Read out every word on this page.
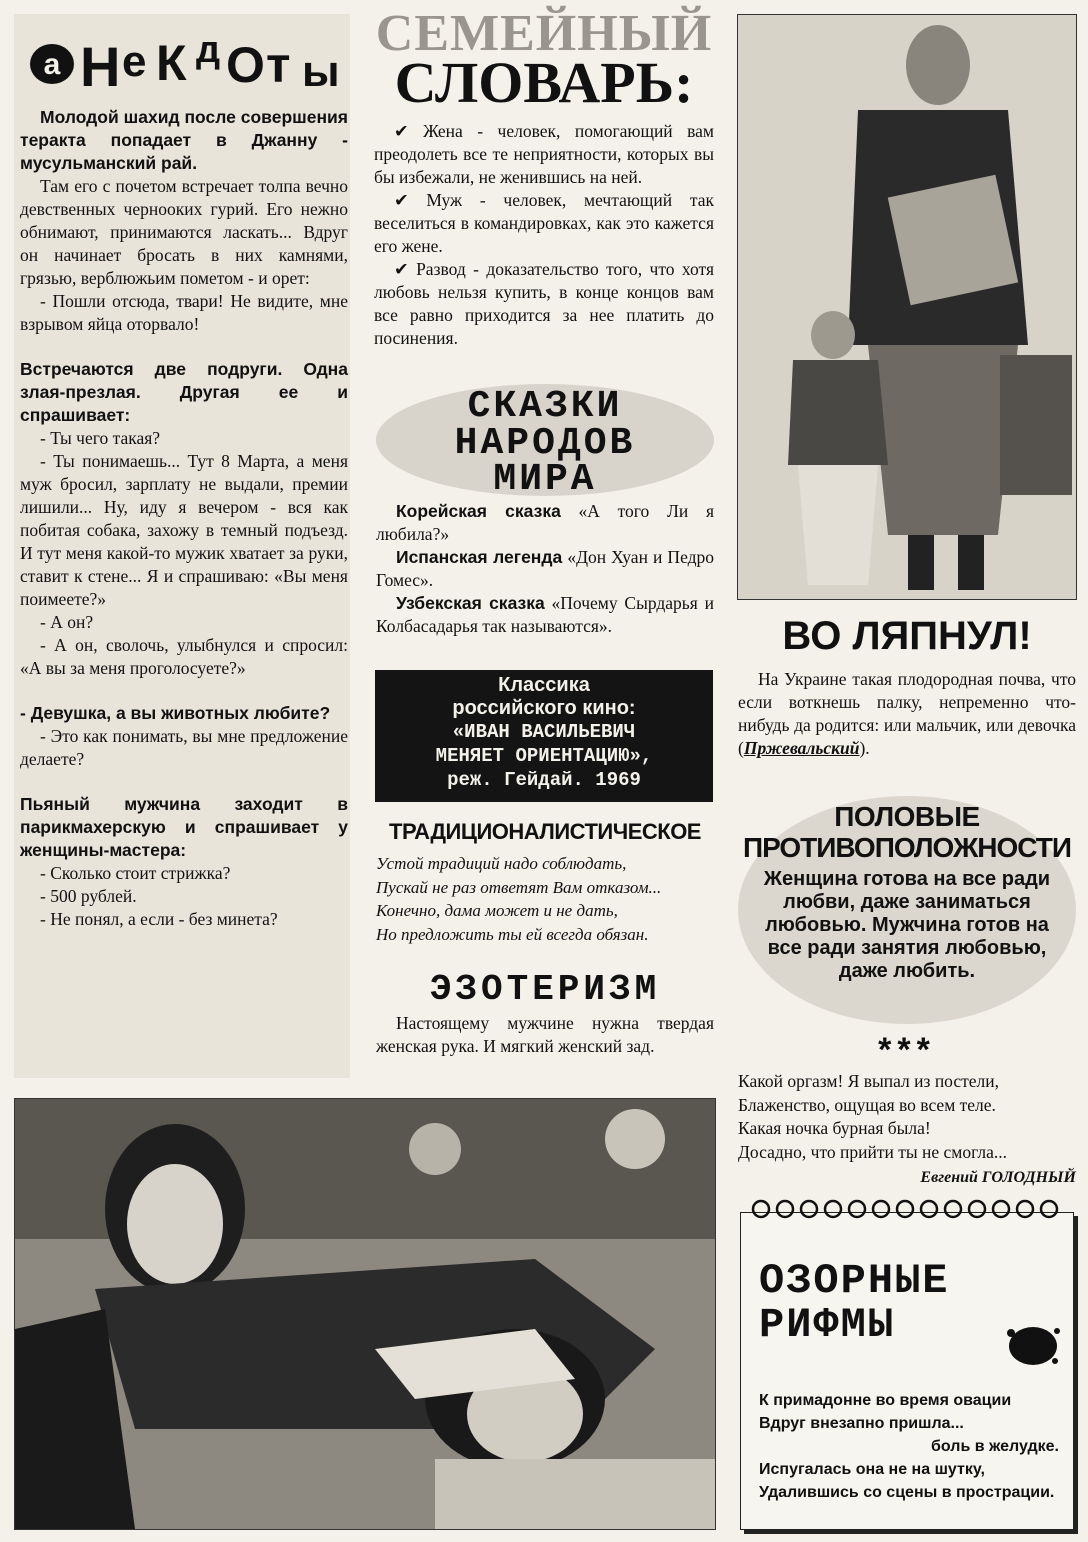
а Н е К д О т ы

Молодой шахид после совершения теракта попадает в Джанну - мусульманский рай.

Там его с почетом встречает толпа вечно девственных черноокиx гурий. Его нежно обнимают, принимаются ласкать... Вдруг он начинает бросать в них камнями, грязью, верблюжьим пометом - и орет:

- Пошли отсюда, твари! Не видите, мне взрывом яйца оторвало!

Встречаются две подруги. Одна злая-презлая. Другая ее и спрашивает:

- Ты чего такая?

- Ты понимаешь... Тут 8 Марта, а меня муж бросил, зарплату не выдали, премии лишили... Ну, иду я вечером - вся как побитая собака, захожу в темный подъезд. И тут меня какой-то мужик хватает за руки, ставит к стене... Я и спрашиваю: «Вы меня поимеете?»

- А он?

- А он, сволочь, улыбнулся и спросил: «А вы за меня проголосуете?»

- Девушка, а вы животных любите?

- Это как понимать, вы мне предложение делаете?

Пьяный мужчина заходит в парикмахерскую и спрашивает у женщины-мастера:

- Сколько стоит стрижка?

- 500 рублей.

- Не понял, а если - без минета?

СЕМЕЙНЫЙ
СЛОВАРЬ:

✔ Жена - человек, помогающий вам преодолеть все те неприятности, которых вы бы избежали, не женившись на ней.

✔ Муж - человек, мечтающий так веселиться в командировках, как это кажется его жене.

✔ Развод - доказательство того, что хотя любовь нельзя купить, в конце концов вам все равно приходится за нее платить до посинения.

СКАЗКИ
НАРОДОВ
МИРА

Корейская сказка «А того Ли я любила?»

Испанская легенда «Дон Хуан и Педро Гомес».

Узбекская сказка «Почему Сырдарья и Колбасадарья так называются».

Классика
российского кино:
«ИВАН ВАСИЛЬЕВИЧ
МЕНЯЕТ ОРИЕНТАЦИЮ»,
реж. Гейдай. 1969
ТРАДИЦИОНАЛИСТИЧЕСКОЕ
Устой традиций надо соблюдать,
Пускай не раз ответят Вам отказом...
Конечно, дама может и не дать,
Но предложить ты ей всегда обязан.
ЭЗОТЕРИЗМ

Настоящему мужчине нужна твердая женская рука. И мягкий женский зад.

ВО ЛЯПНУЛ!

На Украине такая плодородная почва, что если воткнешь палку, непременно что-нибудь да родится: или мальчик, или девочка (Пржевальский).

ПОЛОВЫЕ
ПРОТИВОПОЛОЖНОСТИ
Женщина готова на все ради любви, даже заниматься любовью. Мужчина готов на все ради занятия любовью, даже любить.
***
Какой оргазм! Я выпал из постели,
Блаженство, ощущая во всем теле.
Какая ночка бурная была!
Досадно, что прийти ты не смогла...
Евгений ГОЛОДНЫЙ
ОЗОРНЫЕ
РИФМЫ
К примадонне во время овации
Вдруг внезапно пришла...
боль в желудке.
Испугалась она не на шутку,
Удалившись со сцены в прострации.
